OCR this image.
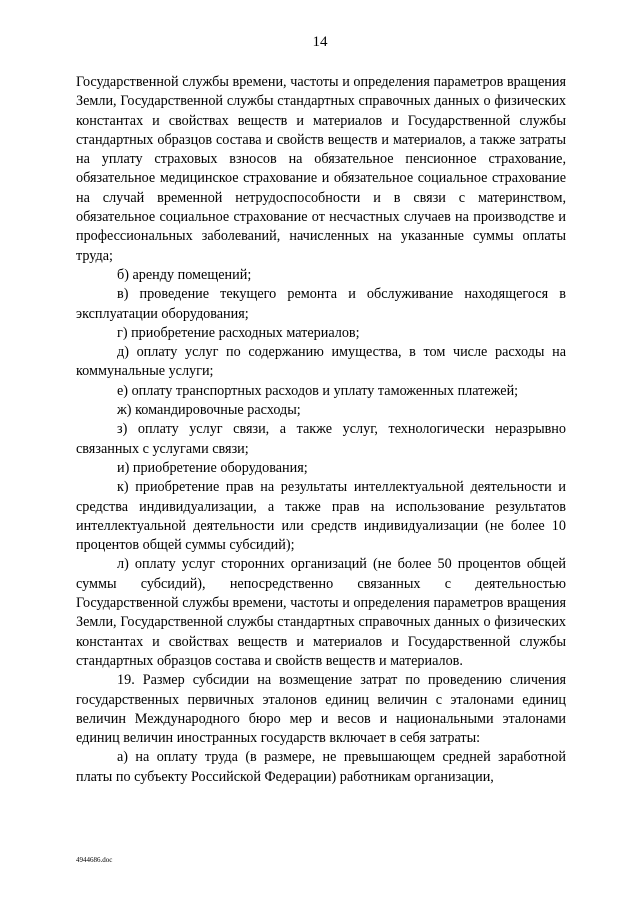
14

Государственной службы времени, частоты и определения параметров вращения Земли, Государственной службы стандартных справочных данных о физических константах и свойствах веществ и материалов и Государственной службы стандартных образцов состава и свойств веществ и материалов, а также затраты на уплату страховых взносов на обязательное пенсионное страхование, обязательное медицинское страхование и обязательное социальное страхование на случай временной нетрудоспособности и в связи с материнством, обязательное социальное страхование от несчастных случаев на производстве и профессиональных заболеваний, начисленных на указанные суммы оплаты труда;

б) аренду помещений;

в) проведение текущего ремонта и обслуживание находящегося в эксплуатации оборудования;

г) приобретение расходных материалов;

д) оплату услуг по содержанию имущества, в том числе расходы на коммунальные услуги;

е) оплату транспортных расходов и уплату таможенных платежей;

ж) командировочные расходы;

з) оплату услуг связи, а также услуг, технологически неразрывно связанных с услугами связи;

и) приобретение оборудования;

к) приобретение прав на результаты интеллектуальной деятельности и средства индивидуализации, а также прав на использование результатов интеллектуальной деятельности или средств индивидуализации (не более 10 процентов общей суммы субсидий);

л) оплату услуг сторонних организаций (не более 50 процентов общей суммы субсидий), непосредственно связанных с деятельностью Государственной службы времени, частоты и определения параметров вращения Земли, Государственной службы стандартных справочных данных о физических константах и свойствах веществ и материалов и Государственной службы стандартных образцов состава и свойств веществ и материалов.

19. Размер субсидии на возмещение затрат по проведению сличения государственных первичных эталонов единиц величин с эталонами единиц величин Международного бюро мер и весов и национальными эталонами единиц величин иностранных государств включает в себя затраты:

а) на оплату труда (в размере, не превышающем средней заработной платы по субъекту Российской Федерации) работникам организации,

4944686.doc
